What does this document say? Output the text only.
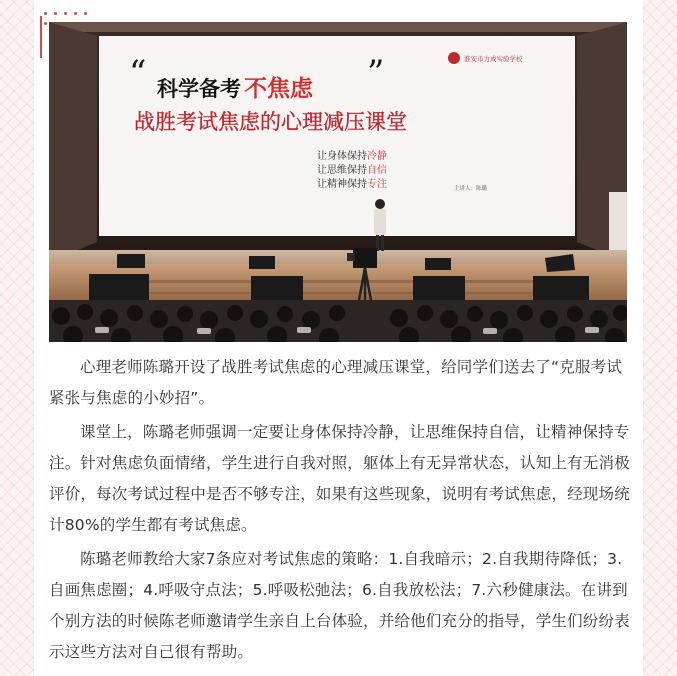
淮安市力成实验学校
“ 科学备考 不焦虑 ”
战胜考试焦虑的心理减压课堂
让身体保持冷静
让思维保持自信
让精神保持专注	主讲人：陈璐

心理老师陈璐开设了战胜考试焦虑的心理减压课堂，给同学们送去了“克服考试紧张与焦虑的小妙招”。

课堂上，陈璐老师强调一定要让身体保持冷静，让思维保持自信，让精神保持专注。针对焦虑负面情绪，学生进行自我对照，躯体上有无异常状态，认知上有无消极评价，每次考试过程中是否不够专注，如果有这些现象，说明有考试焦虑，经现场统计80%的学生都有考试焦虑。

陈璐老师教给大家7条应对考试焦虑的策略：1.自我暗示；2.自我期待降低；3.自画焦虑圈；4.呼吸守点法；5.呼吸松弛法；6.自我放松法；7.六秒健康法。在讲到个别方法的时候陈老师邀请学生亲自上台体验，并给他们充分的指导，学生们纷纷表示这些方法对自己很有帮助。
